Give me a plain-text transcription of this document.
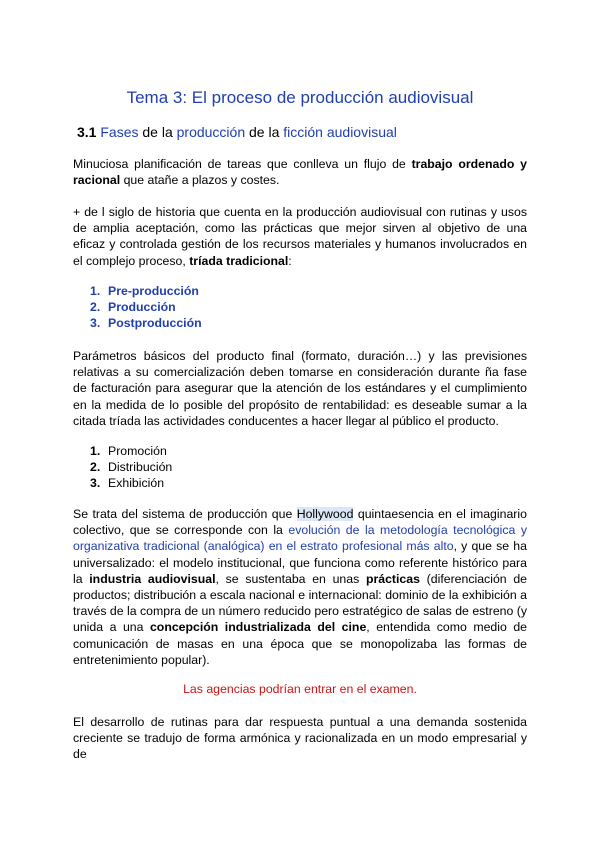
Tema 3: El proceso de producción audiovisual
3.1 Fases de la producción de la ficción audiovisual
Minuciosa planificación de tareas que conlleva un flujo de trabajo ordenado y racional que atañe a plazos y costes.
+ de l siglo de historia que cuenta en la producción audiovisual con rutinas y usos de amplia aceptación, como las prácticas que mejor sirven al objetivo de una eficaz y controlada gestión de los recursos materiales y humanos involucrados en el complejo proceso, tríada tradicional:
1. Pre-producción
2. Producción
3. Postproducción
Parámetros básicos del producto final (formato, duración…) y las previsiones relativas a su comercialización deben tomarse en consideración durante ña fase de facturación para asegurar que la atención de los estándares y el cumplimiento en la medida de lo posible del propósito de rentabilidad: es deseable sumar a la citada tríada las actividades conducentes a hacer llegar al público el producto.
1. Promoción
2. Distribución
3. Exhibición
Se trata del sistema de producción que Hollywood quintaesencia en el imaginario colectivo, que se corresponde con la evolución de la metodología tecnológica y organizativa tradicional (analógica) en el estrato profesional más alto, y que se ha universalizado: el modelo institucional, que funciona como referente histórico para la industria audiovisual, se sustentaba en unas prácticas (diferenciación de productos; distribución a escala nacional e internacional: dominio de la exhibición a través de la compra de un número reducido pero estratégico de salas de estreno (y unida a una concepción industrializada del cine, entendida como medio de comunicación de masas en una época que se monopolizaba las formas de entretenimiento popular).
Las agencias podrían entrar en el examen.
El desarrollo de rutinas para dar respuesta puntual a una demanda sostenida creciente se tradujo de forma armónica y racionalizada en un modo empresarial y de
